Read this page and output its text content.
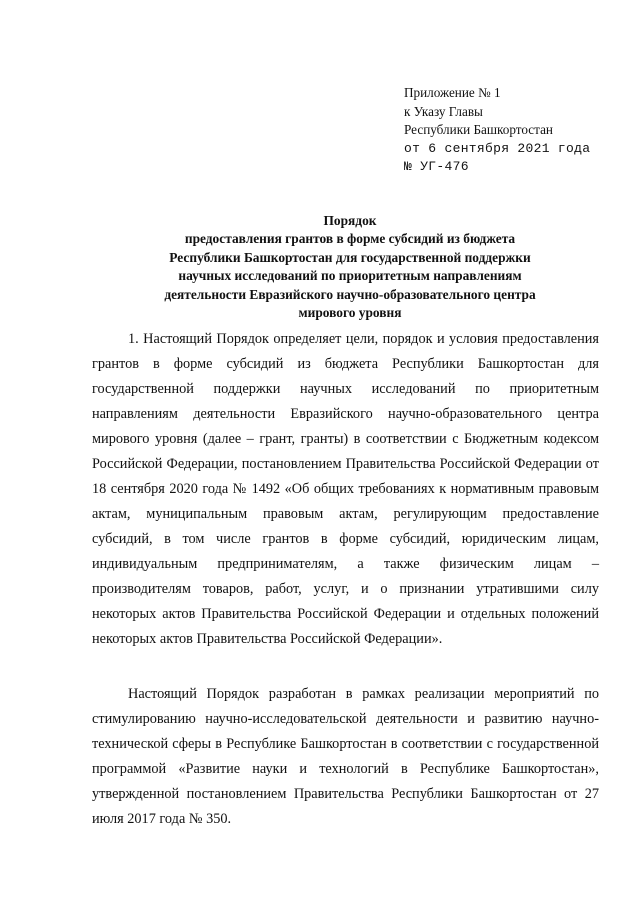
Приложение № 1
к Указу Главы
Республики Башкортостан
от 6 сентября 2021 года
№ УГ-476
Порядок
предоставления грантов в форме субсидий из бюджета
Республики Башкортостан для государственной поддержки
научных исследований по приоритетным направлениям
деятельности Евразийского научно-образовательного центра
мирового уровня

1. Настоящий Порядок определяет цели, порядок и условия предоставления грантов в форме субсидий из бюджета Республики Башкортостан для государственной поддержки научных исследований по приоритетным направлениям деятельности Евразийского научно-образовательного центра мирового уровня (далее – грант, гранты) в соответствии с Бюджетным кодексом Российской Федерации, постановлением Правительства Российской Федерации от 18 сентября 2020 года № 1492 «Об общих требованиях к нормативным правовым актам, муниципальным правовым актам, регулирующим предоставление субсидий, в том числе грантов в форме субсидий, юридическим лицам, индивидуальным предпринимателям, а также физическим лицам – производителям товаров, работ, услуг, и о признании утратившими силу некоторых актов Правительства Российской Федерации и отдельных положений некоторых актов Правительства Российской Федерации».

Настоящий Порядок разработан в рамках реализации мероприятий по стимулированию научно-исследовательской деятельности и развитию научно-технической сферы в Республике Башкортостан в соответствии с государственной программой «Развитие науки и технологий в Республике Башкортостан», утвержденной постановлением Правительства Республики Башкортостан от 27 июля 2017 года № 350.
